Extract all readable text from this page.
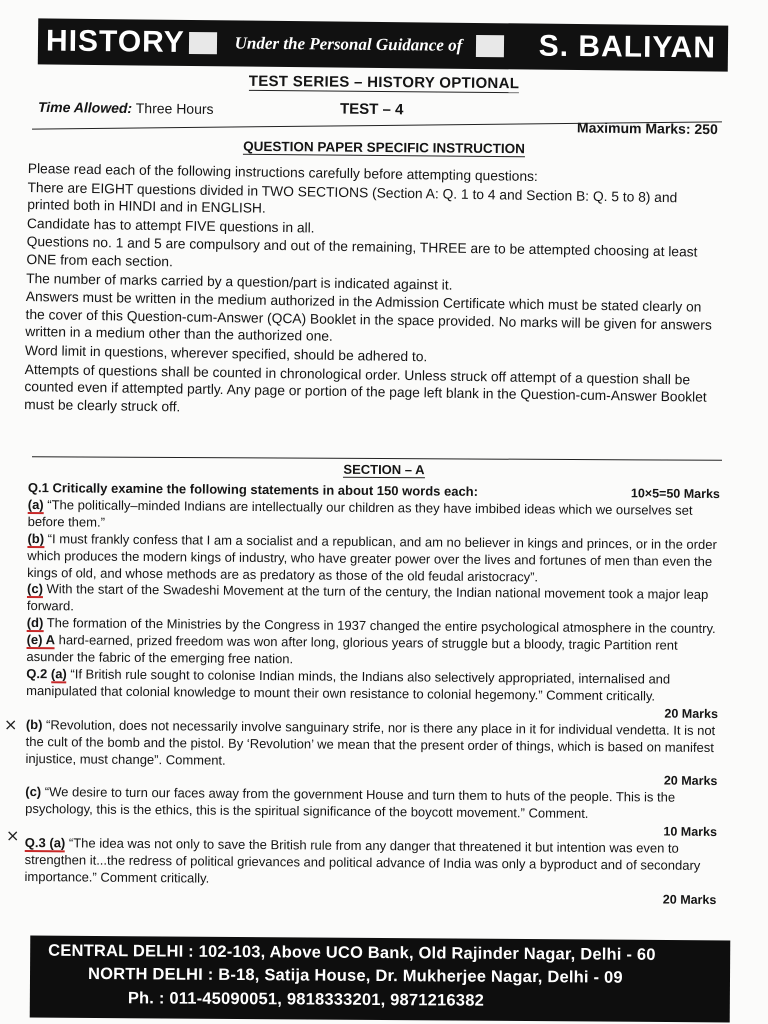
HISTORY	Under the Personal Guidance of	S. BALIYAN
TEST SERIES – HISTORY OPTIONAL
Time Allowed: Three Hours	TEST – 4
Maximum Marks: 250
QUESTION PAPER SPECIFIC INSTRUCTION

Please read each of the following instructions carefully before attempting questions:

There are EIGHT questions divided in TWO SECTIONS (Section A: Q. 1 to 4 and Section B: Q. 5 to 8) and printed both in HINDI and in ENGLISH.

Candidate has to attempt FIVE questions in all.

Questions no. 1 and 5 are compulsory and out of the remaining, THREE are to be attempted choosing at least ONE from each section.

The number of marks carried by a question/part is indicated against it.

Answers must be written in the medium authorized in the Admission Certificate which must be stated clearly on the cover of this Question-cum-Answer (QCA) Booklet in the space provided. No marks will be given for answers written in a medium other than the authorized one.

Word limit in questions, wherever specified, should be adhered to.

Attempts of questions shall be counted in chronological order. Unless struck off attempt of a question shall be counted even if attempted partly. Any page or portion of the page left blank in the Question-cum-Answer Booklet must be clearly struck off.

SECTION – A

Q.1 Critically examine the following statements in about 150 words each:	10×5=50 Marks

(a) “The politically–minded Indians are intellectually our children as they have imbibed ideas which we ourselves set before them.”

(b) “I must frankly confess that I am a socialist and a republican, and am no believer in kings and princes, or in the order which produces the modern kings of industry, who have greater power over the lives and fortunes of men than even the kings of old, and whose methods are as predatory as those of the old feudal aristocracy”.

(c) With the start of the Swadeshi Movement at the turn of the century, the Indian national movement took a major leap forward.

(d) The formation of the Ministries by the Congress in 1937 changed the entire psychological atmosphere in the country.

(e) A hard-earned, prized freedom was won after long, glorious years of struggle but a bloody, tragic Partition rent asunder the fabric of the emerging free nation.

Q.2 (a) “If British rule sought to colonise Indian minds, the Indians also selectively appropriated, internalised and manipulated that colonial knowledge to mount their own resistance to colonial hegemony.” Comment critically.

20 Marks

(b) “Revolution, does not necessarily involve sanguinary strife, nor is there any place in it for individual vendetta. It is not the cult of the bomb and the pistol. By ‘Revolution’ we mean that the present order of things, which is based on manifest injustice, must change”. Comment.

20 Marks

(c) “We desire to turn our faces away from the government House and turn them to huts of the people. This is the psychology, this is the ethics, this is the spiritual significance of the boycott movement.” Comment.

10 Marks

Q.3 (a) “The idea was not only to save the British rule from any danger that threatened it but intention was even to strengthen it...the redress of political grievances and political advance of India was only a byproduct and of secondary importance.” Comment critically.

20 Marks

×
×
CENTRAL DELHI : 102-103, Above UCO Bank, Old Rajinder Nagar, Delhi - 60
NORTH DELHI : B-18, Satija House, Dr. Mukherjee Nagar, Delhi - 09
Ph. : 011-45090051, 9818333201, 9871216382
